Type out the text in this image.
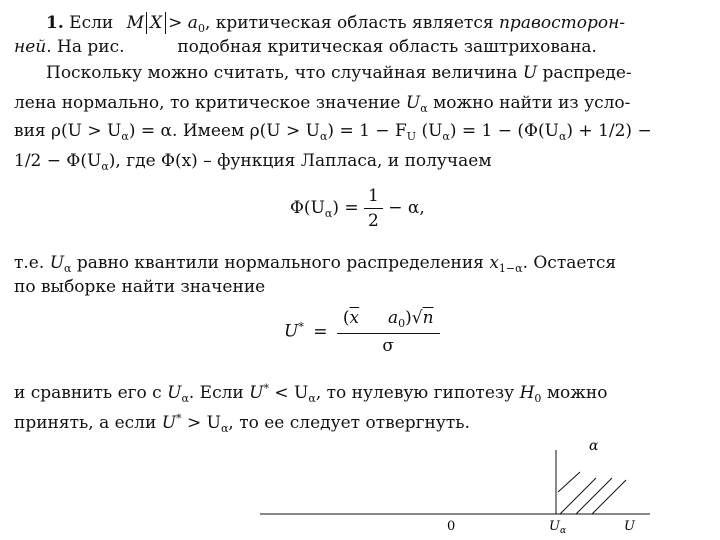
1. Если M $X > a_0$, критическая область является правосторон-
ней. На рис.	подобная критическая область заштрихована.
Поскольку можно считать, что случайная величина U распреде-
лена нормально, то критическое значение $U_\alpha$ можно найти из усло-
вия $\rho(U > U_\alpha) = \alpha$. Имеем $\rho(U > U_\alpha) = 1 - F_U$ $(U_\alpha) = 1 - (\Phi(U_\alpha) + 1/2)$ −
$1/2 - \Phi(U_\alpha)$, где Φ(x) – функция Лапласа, и получаем
$\Phi(U_\alpha) = \frac{1}{2} - \alpha$,
т.е. $U_\alpha$ равно квантили нормального распределения $x_{1-\alpha}$. Остается
по выборке найти значение
$U^* = \frac{(\overline{x} a_0)√n}{\sigma}$
и сравнить его с $U_\alpha$. Если $U^* < U_\alpha$, то нулевую гипотезу $H_0$ можно
принять, а если $U^* > U_\alpha$, то ее следует отвергнуть.
α
0	$U_\alpha$	U
